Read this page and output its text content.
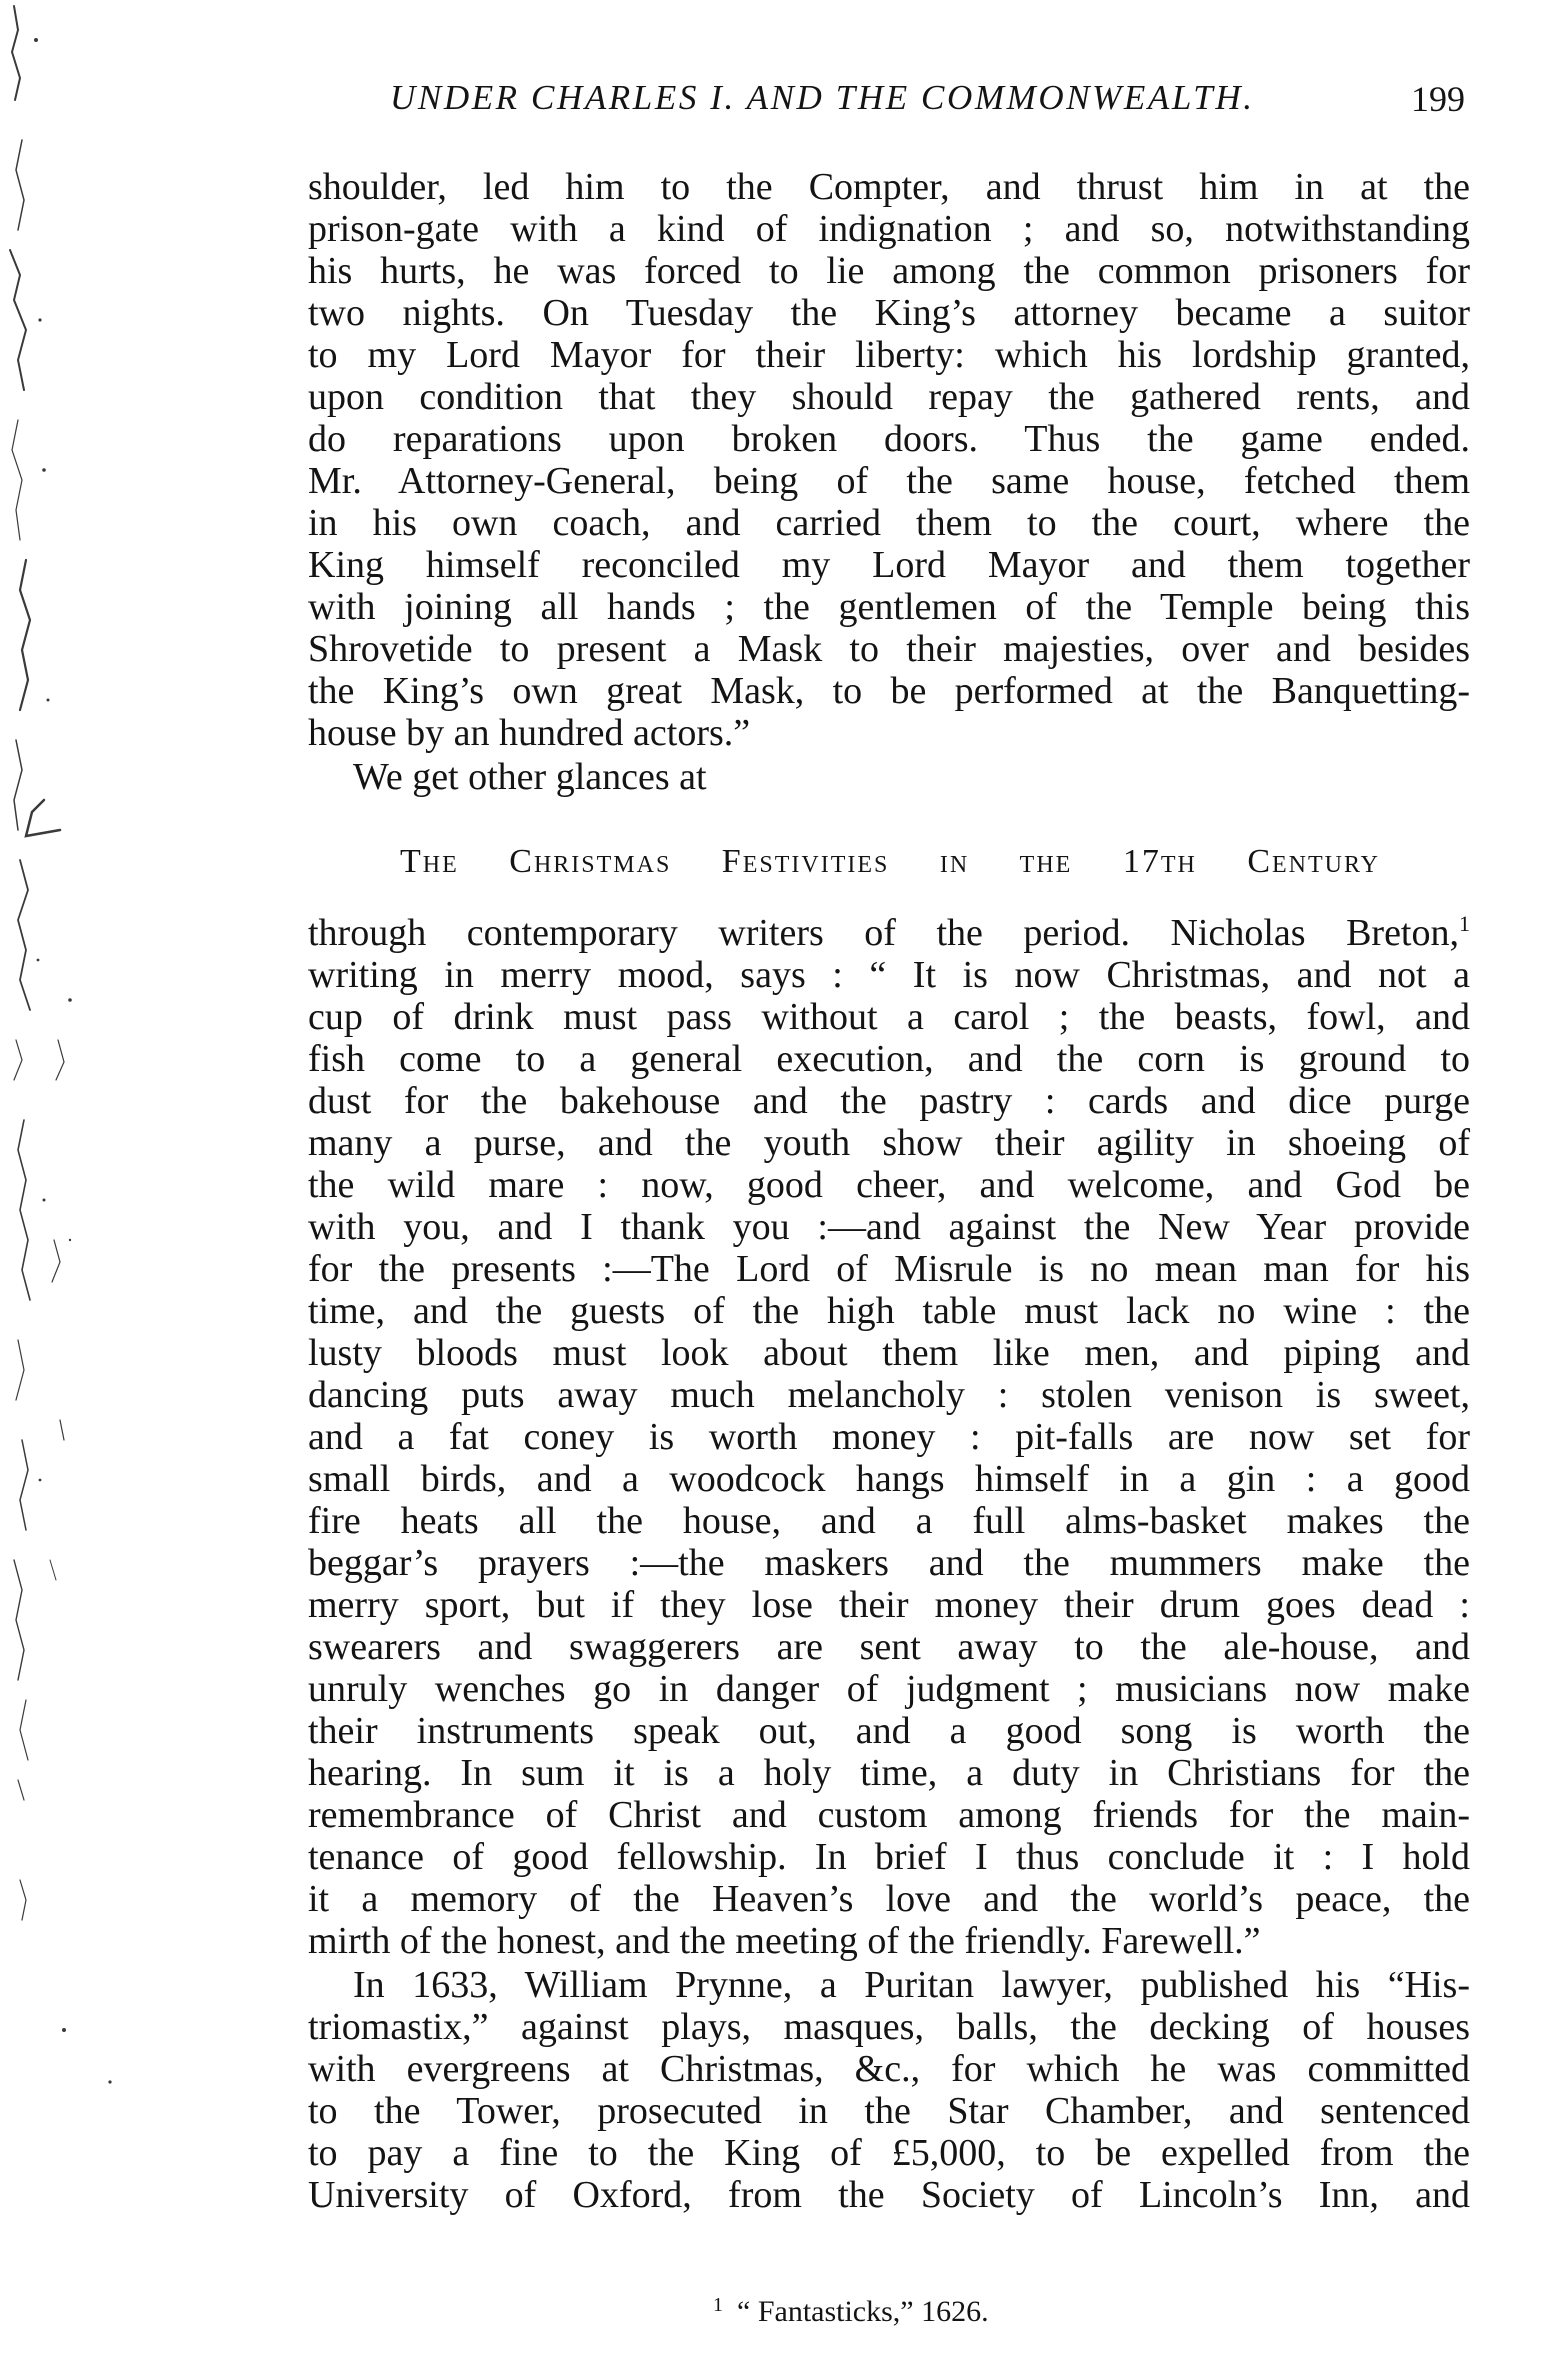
UNDER CHARLES I. AND THE COMMONWEALTH.	199
shoulder, led him to the Compter, and thrust him in at the
prison-gate with a kind of indignation ; and so, notwithstanding
his hurts, he was forced to lie among the common prisoners for
two nights. On Tuesday the King’s attorney became a suitor
to my Lord Mayor for their liberty: which his lordship granted,
upon condition that they should repay the gathered rents, and
do reparations upon broken doors. Thus the game ended.
Mr. Attorney-General, being of the same house, fetched them
in his own coach, and carried them to the court, where the
King himself reconciled my Lord Mayor and them together
with joining all hands ; the gentlemen of the Temple being this
Shrovetide to present a Mask to their majesties, over and besides
the King’s own great Mask, to be performed at the Banquetting-
house by an hundred actors.”
We get other glances at
The Christmas Festivities in the 17th Century
through contemporary writers of the period. Nicholas Breton,$^1$
writing in merry mood, says : “ It is now Christmas, and not a
cup of drink must pass without a carol ; the beasts, fowl, and
fish come to a general execution, and the corn is ground to
dust for the bakehouse and the pastry : cards and dice purge
many a purse, and the youth show their agility in shoeing of
the wild mare : now, good cheer, and welcome, and God be
with you, and I thank you :—and against the New Year provide
for the presents :—The Lord of Misrule is no mean man for his
time, and the guests of the high table must lack no wine : the
lusty bloods must look about them like men, and piping and
dancing puts away much melancholy : stolen venison is sweet,
and a fat coney is worth money : pit-falls are now set for
small birds, and a woodcock hangs himself in a gin : a good
fire heats all the house, and a full alms-basket makes the
beggar’s prayers :—the maskers and the mummers make the
merry sport, but if they lose their money their drum goes dead :
swearers and swaggerers are sent away to the ale-house, and
unruly wenches go in danger of judgment ; musicians now make
their instruments speak out, and a good song is worth the
hearing. In sum it is a holy time, a duty in Christians for the
remembrance of Christ and custom among friends for the main-
tenance of good fellowship. In brief I thus conclude it : I hold
it a memory of the Heaven’s love and the world’s peace, the
mirth of the honest, and the meeting of the friendly. Farewell.”
In 1633, William Prynne, a Puritan lawyer, published his “His-
triomastix,” against plays, masques, balls, the decking of houses
with evergreens at Christmas, &c., for which he was committed
to the Tower, prosecuted in the Star Chamber, and sentenced
to pay a fine to the King of £5,000, to be expelled from the
University of Oxford, from the Society of Lincoln’s Inn, and
$^1$ “ Fantasticks,” 1626.
